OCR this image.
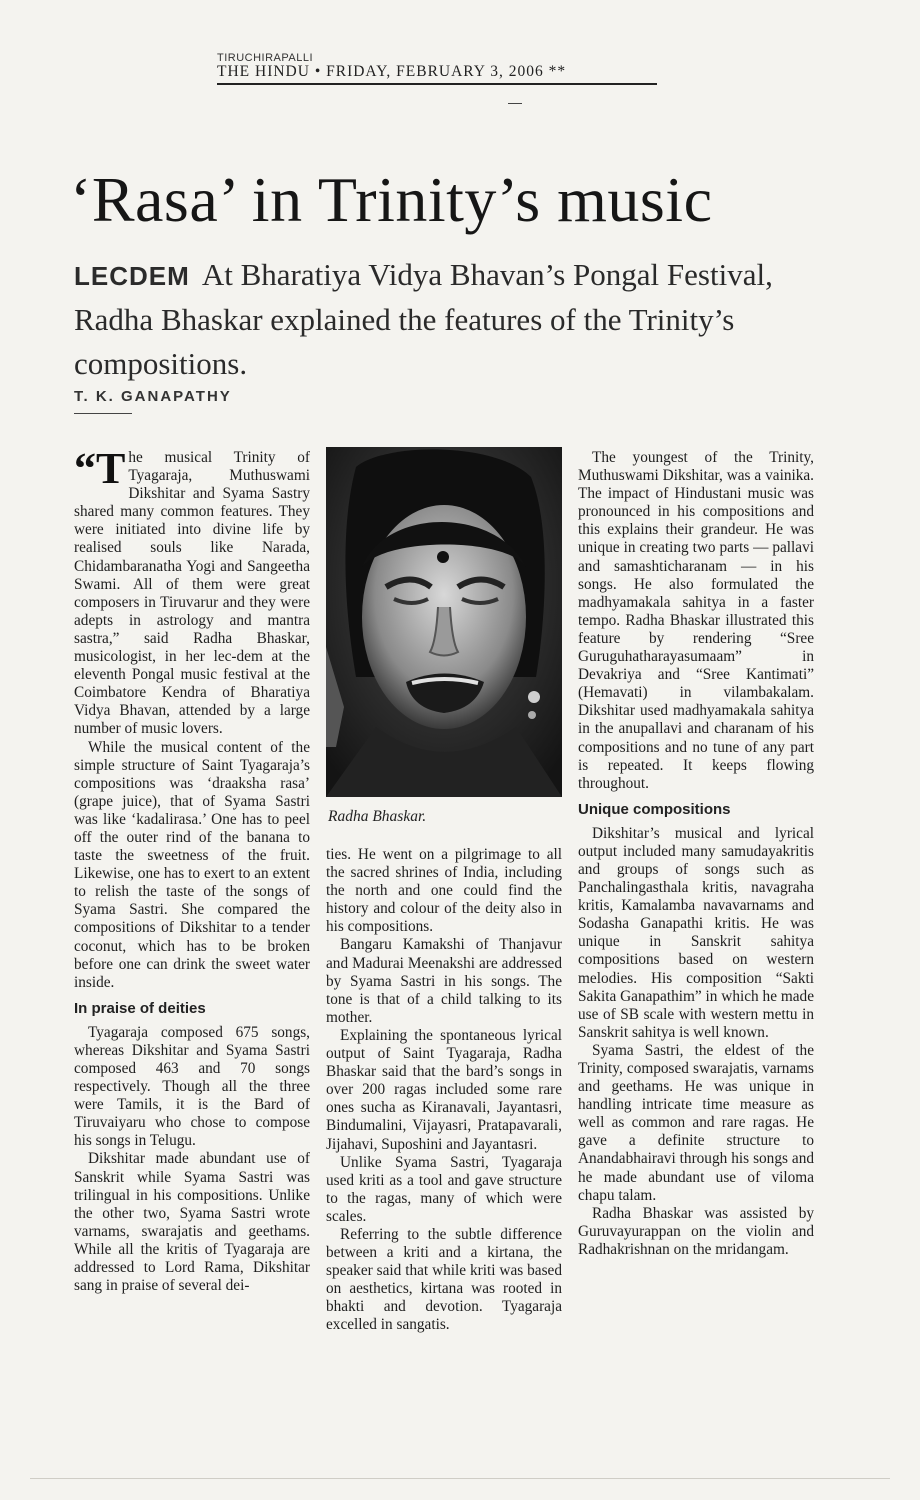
TIRUCHIRAPALLI
THE HINDU • FRIDAY, FEBRUARY 3, 2006 **
‘Rasa’ in Trinity’s music
LECDEM At Bharatiya Vidya Bhavan’s Pongal Festival, Radha Bhaskar explained the features of the Trinity’s compositions.
T. K. GANAPATHY

“T he musical Trinity of Tyagaraja, Muthuswami Dikshitar and Syama Sastry shared many common features. They were initiated into divine life by realised souls like Narada, Chidambaranatha Yogi and Sangeetha Swami. All of them were great composers in Tiruvarur and they were adepts in astrology and mantra sastra,” said Radha Bhaskar, musicologist, in her lec-dem at the eleventh Pongal music festival at the Coimbatore Kendra of Bharatiya Vidya Bhavan, attended by a large number of music lovers.

While the musical content of the simple structure of Saint Tyagaraja’s compositions was ‘draaksha rasa’ (grape juice), that of Syama Sastri was like ‘kadalirasa.’ One has to peel off the outer rind of the banana to taste the sweetness of the fruit. Likewise, one has to exert to an extent to relish the taste of the songs of Syama Sastri. She compared the compositions of Dikshitar to a tender coconut, which has to be broken before one can drink the sweet water inside.

In praise of deities

Tyagaraja composed 675 songs, whereas Dikshitar and Syama Sastri composed 463 and 70 songs respectively. Though all the three were Tamils, it is the Bard of Tiruvaiyaru who chose to compose his songs in Telugu.

Dikshitar made abundant use of Sanskrit while Syama Sastri was trilingual in his compositions. Unlike the other two, Syama Sastri wrote varnams, swarajatis and geethams. While all the kritis of Tyagaraja are addressed to Lord Rama, Dikshitar sang in praise of several dei-

Radha Bhaskar.

ties. He went on a pilgrimage to all the sacred shrines of India, including the north and one could find the history and colour of the deity also in his compositions.

Bangaru Kamakshi of Thanjavur and Madurai Meenakshi are addressed by Syama Sastri in his songs. The tone is that of a child talking to its mother.

Explaining the spontaneous lyrical output of Saint Tyagaraja, Radha Bhaskar said that the bard’s songs in over 200 ragas included some rare ones sucha as Kiranavali, Jayantasri, Bindumalini, Vijayasri, Pratapavarali, Jijahavi, Suposhini and Jayantasri.

Unlike Syama Sastri, Tyagaraja used kriti as a tool and gave structure to the ragas, many of which were scales.

Referring to the subtle difference between a kriti and a kirtana, the speaker said that while kriti was based on aesthetics, kirtana was rooted in bhakti and devotion. Tyagaraja excelled in sangatis.

The youngest of the Trinity, Muthuswami Dikshitar, was a vainika. The impact of Hindustani music was pronounced in his compositions and this explains their grandeur. He was unique in creating two parts — pallavi and samashticharanam — in his songs. He also formulated the madhyamakala sahitya in a faster tempo. Radha Bhaskar illustrated this feature by rendering “Sree Guruguhatharayasumaam” in Devakriya and “Sree Kantimati” (Hemavati) in vilambakalam. Dikshitar used madhyamakala sahitya in the anupallavi and charanam of his compositions and no tune of any part is repeated. It keeps flowing throughout.

Unique compositions

Dikshitar’s musical and lyrical output included many samudayakritis and groups of songs such as Panchalingasthala kritis, navagraha kritis, Kamalamba navavarnams and Sodasha Ganapathi kritis. He was unique in Sanskrit sahitya compositions based on western melodies. His composition “Sakti Sakita Ganapathim” in which he made use of SB scale with western mettu in Sanskrit sahitya is well known.

Syama Sastri, the eldest of the Trinity, composed swarajatis, varnams and geethams. He was unique in handling intricate time measure as well as common and rare ragas. He gave a definite structure to Anandabhairavi through his songs and he made abundant use of viloma chapu talam.

Radha Bhaskar was assisted by Guruvayurappan on the violin and Radhakrishnan on the mridangam.
